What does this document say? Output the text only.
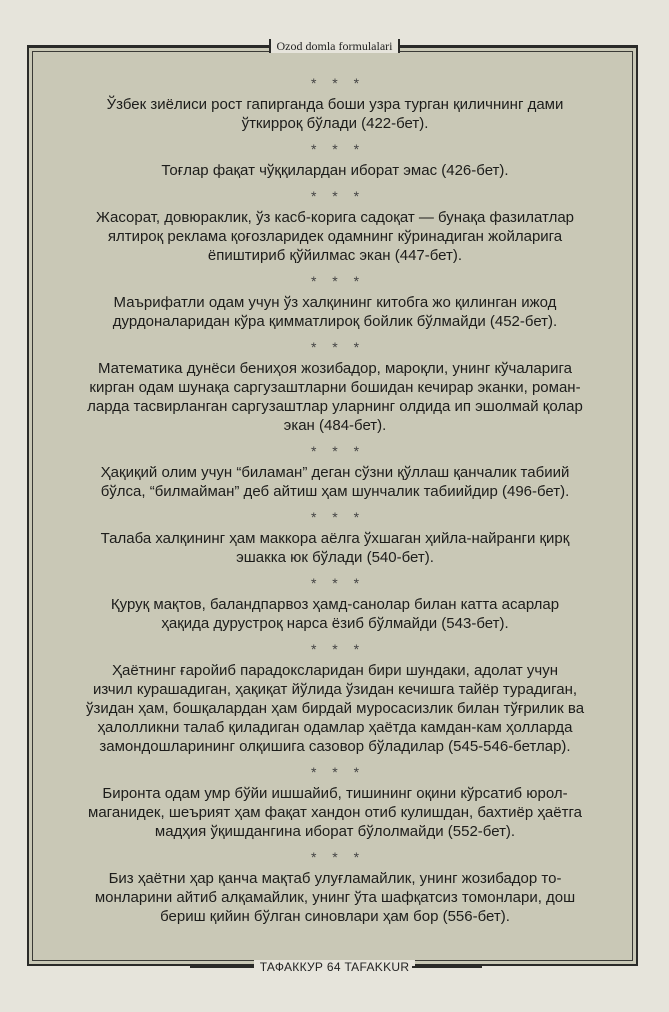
Ozod domla formulalari
* * *
Ўзбек зиёлиси рост гапирганда боши узра турган қиличнинг дами
ўткирроқ бўлади (422-бет).
* * *
Тоғлар фақат чўққилардан иборат эмас (426-бет).
* * *
Жасорат, довюраклик, ўз касб-корига садоқат — бунақа фазилатлар
ялтироқ реклама қоғозларидек одамнинг кўринадиган жойларига
ёпиштириб қўйилмас экан (447-бет).
* * *
Маърифатли одам учун ўз халқининг китобга жо қилинган ижод
дурдоналаридан кўра қимматлироқ бойлик бўлмайди (452-бет).
* * *
Математика дунёси бениҳоя жозибадор, мароқли, унинг кўчаларига
кирган одам шунақа саргузаштларни бошидан кечирар эканки, роман-
ларда тасвирланган саргузаштлар уларнинг олдида ип эшолмай қолар
экан (484-бет).
* * *
Ҳақиқий олим учун “биламан” деган сўзни қўллаш қанчалик табиий
бўлса, “билмайман” деб айтиш ҳам шунчалик табиийдир (496-бет).
* * *
Талаба халқининг ҳам маккора аёлга ўхшаган ҳийла-найранги қирқ
эшакка юк бўлади (540-бет).
* * *
Қуруқ мақтов, баландпарвоз ҳамд-санолар билан катта асарлар
ҳақида дурустроқ нарса ёзиб бўлмайди (543-бет).
* * *
Ҳаётнинг ғаройиб парадоксларидан бири шундаки, адолат учун
изчил курашадиган, ҳақиқат йўлида ўзидан кечишга тайёр турадиган,
ўзидан ҳам, бошқалардан ҳам бирдай муросасизлик билан тўғрилик ва
ҳалолликни талаб қиладиган одамлар ҳаётда камдан-кам ҳолларда
замондошларининг олқишига сазовор бўладилар (545-546-бетлар).
* * *
Биронта одам умр бўйи ишшайиб, тишининг оқини кўрсатиб юрол-
маганидек, шеърият ҳам фақат хандон отиб кулишдан, бахтиёр ҳаётга
мадҳия ўқишдангина иборат бўлолмайди (552-бет).
* * *
Биз ҳаётни ҳар қанча мақтаб улуғламайлик, унинг жозибадор то-
монларини айтиб алқамайлик, унинг ўта шафқатсиз томонлари, дош
бериш қийин бўлган синовлари ҳам бор (556-бет).
ТАФАККУР 64 TAFAKKUR
